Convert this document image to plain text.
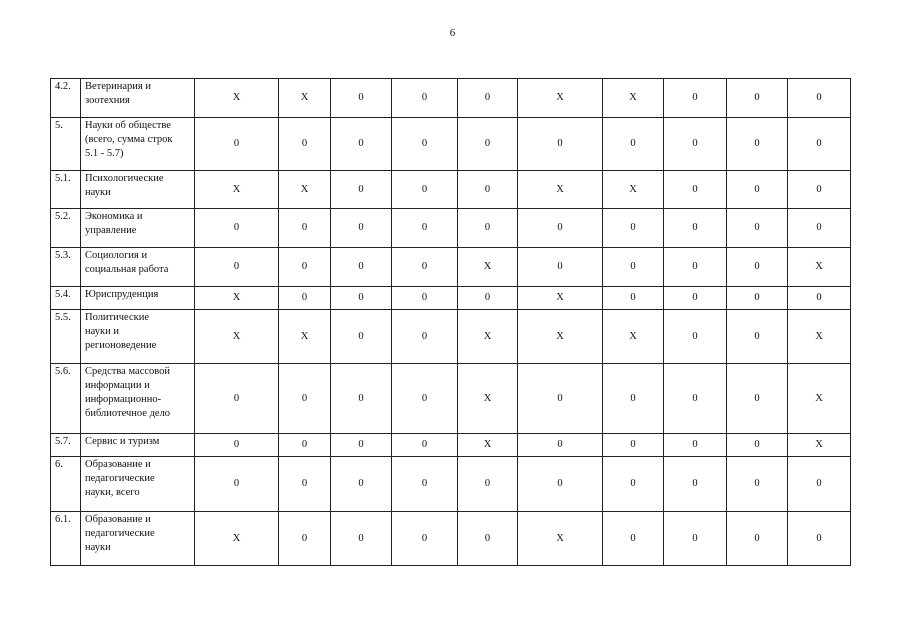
6
4.2.	Ветеринария и
зоотехния	X	X	0	0	0	X	X	0	0	0
5.	Науки об обществе
(всего, сумма строк
5.1 - 5.7)	0	0	0	0	0	0	0	0	0	0
5.1.	Психологические
науки	X	X	0	0	0	X	X	0	0	0
5.2.	Экономика и
управление	0	0	0	0	0	0	0	0	0	0
5.3.	Социология и
социальная работа	0	0	0	0	X	0	0	0	0	X
5.4.	Юриспруденция	X	0	0	0	0	X	0	0	0	0
5.5.	Политические
науки и
регионоведение	X	X	0	0	X	X	X	0	0	X
5.6.	Средства массовой
информации и
информационно-
библиотечное дело	0	0	0	0	X	0	0	0	0	X
5.7.	Сервис и туризм	0	0	0	0	X	0	0	0	0	X
6.	Образование и
педагогические
науки, всего	0	0	0	0	0	0	0	0	0	0
6.1.	Образование и
педагогические
науки	X	0	0	0	0	X	0	0	0	0
